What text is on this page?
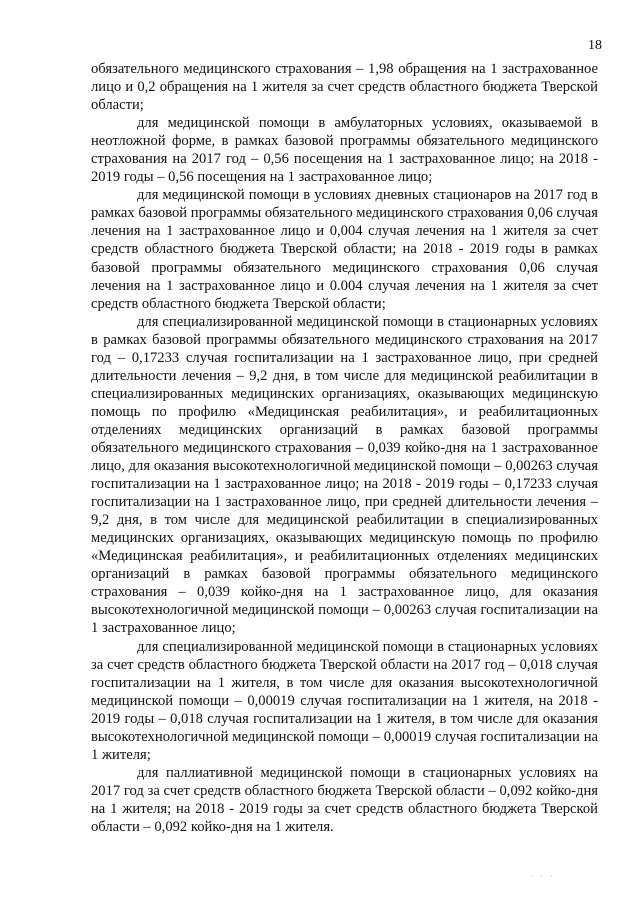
18

обязательного медицинского страхования – 1,98 обращения на 1 застрахованное лицо и 0,2 обращения на 1 жителя за счет средств областного бюджета Тверской области;

для медицинской помощи в амбулаторных условиях, оказываемой в неотложной форме, в рамках базовой программы обязательного медицинского страхования на 2017 год – 0,56 посещения на 1 застрахованное лицо; на 2018 - 2019 годы – 0,56 посещения на 1 застрахованное лицо;

для медицинской помощи в условиях дневных стационаров на 2017 год в рамках базовой программы обязательного медицинского страхования 0,06 случая лечения на 1 застрахованное лицо и 0,004 случая лечения на 1 жителя за счет средств областного бюджета Тверской области; на 2018 - 2019 годы в рамках базовой программы обязательного медицинского страхования 0,06 случая лечения на 1 застрахованное лицо и 0.004 случая лечения на 1 жителя за счет средств областного бюджета Тверской области;

для специализированной медицинской помощи в стационарных условиях в рамках базовой программы обязательного медицинского страхования на 2017 год – 0,17233 случая госпитализации на 1 застрахованное лицо, при средней длительности лечения – 9,2 дня, в том числе для медицинской реабилитации в специализированных медицинских организациях, оказывающих медицинскую помощь по профилю «Медицинская реабилитация», и реабилитационных отделениях медицинских организаций в рамках базовой программы обязательного медицинского страхования – 0,039 койко-дня на 1 застрахованное лицо, для оказания высокотехнологичной медицинской помощи – 0,00263 случая госпитализации на 1 застрахованное лицо; на 2018 - 2019 годы – 0,17233 случая госпитализации на 1 застрахованное лицо, при средней длительности лечения – 9,2 дня, в том числе для медицинской реабилитации в специализированных медицинских организациях, оказывающих медицинскую помощь по профилю «Медицинская реабилитация», и реабилитационных отделениях медицинских организаций в рамках базовой программы обязательного медицинского страхования – 0,039 койко-дня на 1 застрахованное лицо, для оказания высокотехнологичной медицинской помощи – 0,00263 случая госпитализации на 1 застрахованное лицо;

для специализированной медицинской помощи в стационарных условиях за счет средств областного бюджета Тверской области на 2017 год – 0,018 случая госпитализации на 1 жителя, в том числе для оказания высокотехнологичной медицинской помощи – 0,00019 случая госпитализации на 1 жителя, на 2018 - 2019 годы – 0,018 случая госпитализации на 1 жителя, в том числе для оказания высокотехнологичной медицинской помощи – 0,00019 случая госпитализации на 1 жителя;

для паллиативной медицинской помощи в стационарных условиях на 2017 год за счет средств областного бюджета Тверской области – 0,092 койко-дня на 1 жителя; на 2018 - 2019 годы за счет средств областного бюджета Тверской области – 0,092 койко-дня на 1 жителя.

· · ·
